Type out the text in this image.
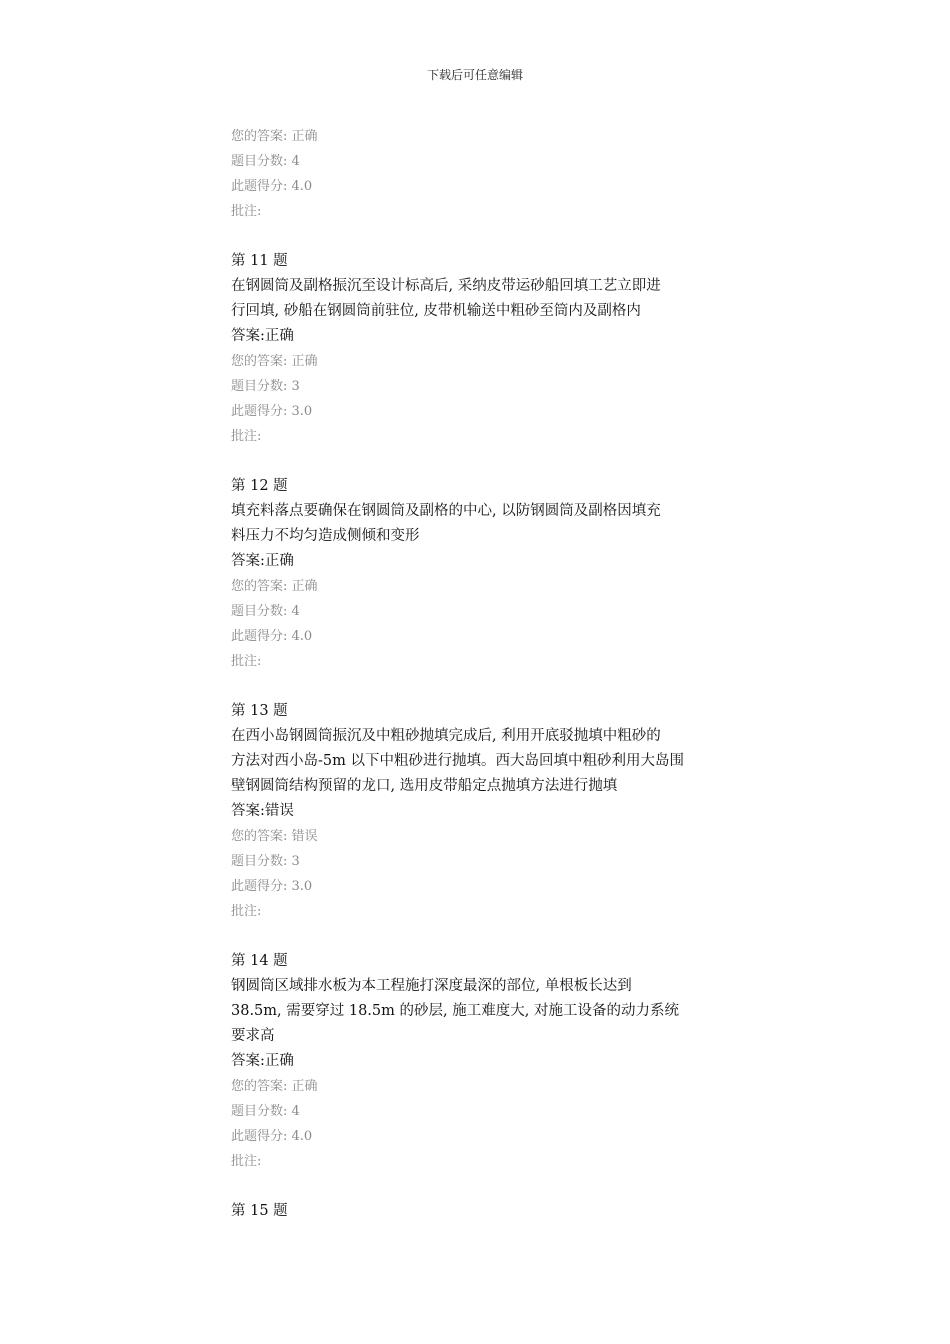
下载后可任意编辑
您的答案: 正确
题目分数: 4
此题得分: 4.0
批注:
第 11 题
在钢圆筒及副格振沉至设计标高后, 采纳皮带运砂船回填工艺立即进
行回填, 砂船在钢圆筒前驻位, 皮带机输送中粗砂至筒内及副格内
答案:正确
您的答案: 正确
题目分数: 3
此题得分: 3.0
批注:
第 12 题
填充料落点要确保在钢圆筒及副格的中心, 以防钢圆筒及副格因填充
料压力不均匀造成侧倾和变形
答案:正确
您的答案: 正确
题目分数: 4
此题得分: 4.0
批注:
第 13 题
在西小岛钢圆筒振沉及中粗砂抛填完成后, 利用开底驳抛填中粗砂的
方法对西小岛-5m 以下中粗砂进行抛填。西大岛回填中粗砂利用大岛围
壁钢圆筒结构预留的龙口, 选用皮带船定点抛填方法进行抛填
答案:错误
您的答案: 错误
题目分数: 3
此题得分: 3.0
批注:
第 14 题
钢圆筒区域排水板为本工程施打深度最深的部位, 单根板长达到
38.5m, 需要穿过 18.5m 的砂层, 施工难度大, 对施工设备的动力系统
要求高
答案:正确
您的答案: 正确
题目分数: 4
此题得分: 4.0
批注:
第 15 题
